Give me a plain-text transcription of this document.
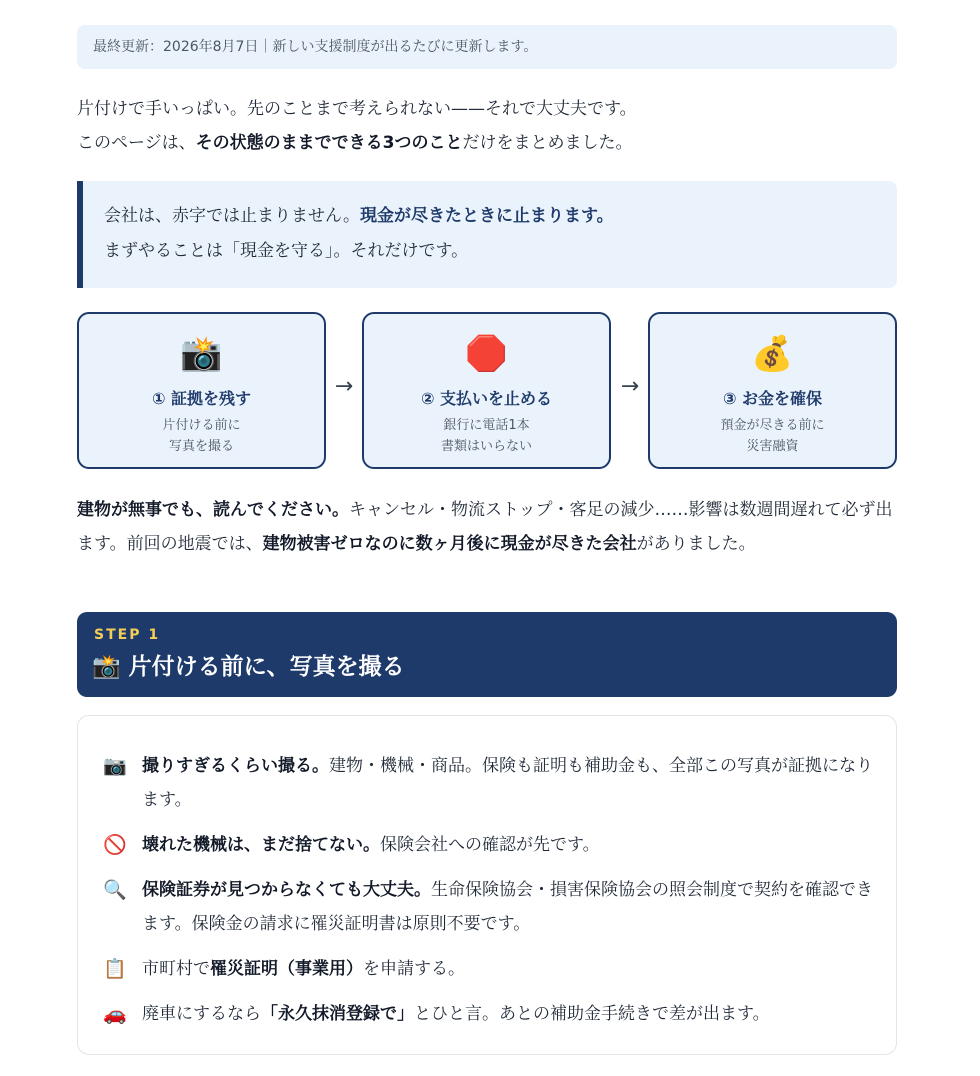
最終更新：2026年8月7日｜新しい支援制度が出るたびに更新します。
片付けで手いっぱい。先のことまで考えられない——それで大丈夫です。
このページは、その状態のままでできる3つのことだけをまとめました。
会社は、赤字では止まりません。現金が尽きたときに止まります。
まずやることは「現金を守る」。それだけです。
📸
① 証拠を残す
片付ける前に
写真を撮る
→
🛑
② 支払いを止める
銀行に電話1本
書類はいらない
→
💰
③ お金を確保
預金が尽きる前に
災害融資
建物が無事でも、読んでください。キャンセル・物流ストップ・客足の減少……影響は数週間遅れて必ず出ます。前回の地震では、建物被害ゼロなのに数ヶ月後に現金が尽きた会社がありました。
STEP 1
📸 片付ける前に、写真を撮る
📷 撮りすぎるくらい撮る。建物・機械・商品。保険も証明も補助金も、全部この写真が証拠になります。
🚫 壊れた機械は、まだ捨てない。保険会社への確認が先です。
🔍 保険証券が見つからなくても大丈夫。生命保険協会・損害保険協会の照会制度で契約を確認できます。保険金の請求に罹災証明書は原則不要です。
📋 市町村で罹災証明（事業用）を申請する。
🚗 廃車にするなら「永久抹消登録で」とひと言。あとの補助金手続きで差が出ます。
